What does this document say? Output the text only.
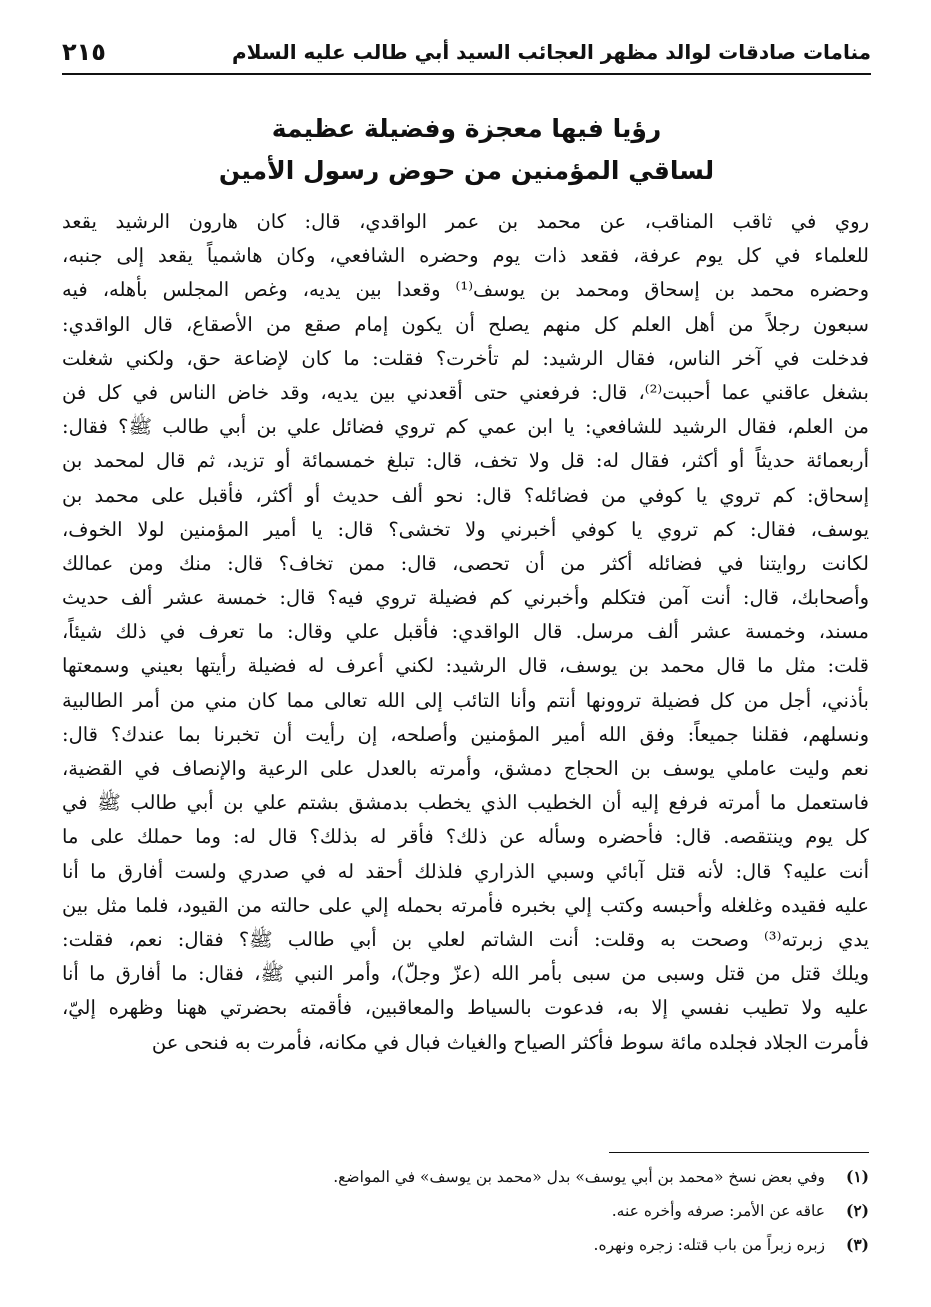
منامات صادقات لوالد مظهر العجائب السيد أبي طالب عليه السلام
٢١٥
رؤيا فيها معجزة وفضيلة عظيمة
لساقي المؤمنين من حوض رسول الأمين
روي في ثاقب المناقب، عن محمد بن عمر الواقدي، قال: كان هارون الرشيد يقعد
للعلماء في كل يوم عرفة، فقعد ذات يوم وحضره الشافعي، وكان هاشمياً يقعد إلى جنبه،
وحضره محمد بن إسحاق ومحمد بن يوسف⁽¹⁾ وقعدا بين يديه، وغص المجلس بأهله، فيه
سبعون رجلاً من أهل العلم كل منهم يصلح أن يكون إمام صقع من الأصقاع، قال الواقدي:
فدخلت في آخر الناس، فقال الرشيد: لم تأخرت؟ فقلت: ما كان لإضاعة حق، ولكني شغلت
بشغل عاقني عما أحببت⁽²⁾، قال: فرفعني حتى أقعدني بين يديه، وقد خاض الناس في كل فن
من العلم، فقال الرشيد للشافعي: يا ابن عمي كم تروي فضائل علي بن أبي طالب ﷺ؟ فقال:
أربعمائة حديثاً أو أكثر، فقال له: قل ولا تخف، قال: تبلغ خمسمائة أو تزيد، ثم قال لمحمد بن
إسحاق: كم تروي يا كوفي من فضائله؟ قال: نحو ألف حديث أو أكثر، فأقبل على محمد بن
يوسف، فقال: كم تروي يا كوفي أخبرني ولا تخشى؟ قال: يا أمير المؤمنين لولا الخوف،
لكانت روايتنا في فضائله أكثر من أن تحصى، قال: ممن تخاف؟ قال: منك ومن عمالك
وأصحابك، قال: أنت آمن فتكلم وأخبرني كم فضيلة تروي فيه؟ قال: خمسة عشر ألف حديث
مسند، وخمسة عشر ألف مرسل. قال الواقدي: فأقبل علي وقال: ما تعرف في ذلك شيئاً،
قلت: مثل ما قال محمد بن يوسف، قال الرشيد: لكني أعرف له فضيلة رأيتها بعيني وسمعتها
بأذني، أجل من كل فضيلة تروونها أنتم وأنا التائب إلى الله تعالى مما كان مني من أمر الطالبية
ونسلهم، فقلنا جميعاً: وفق الله أمير المؤمنين وأصلحه، إن رأيت أن تخبرنا بما عندك؟ قال:
نعم وليت عاملي يوسف بن الحجاج دمشق، وأمرته بالعدل على الرعية والإنصاف في القضية،
فاستعمل ما أمرته فرفع إليه أن الخطيب الذي يخطب بدمشق بشتم علي بن أبي طالب ﷺ في
كل يوم وينتقصه. قال: فأحضره وسأله عن ذلك؟ فأقر له بذلك؟ قال له: وما حملك على ما
أنت عليه؟ قال: لأنه قتل آبائي وسبي الذراري فلذلك أحقد له في صدري ولست أفارق ما أنا
عليه فقيده وغلغله وأحبسه وكتب إلي بخبره فأمرته بحمله إلي على حالته من القيود، فلما مثل بين
يدي زبرته⁽³⁾ وصحت به وقلت: أنت الشاتم لعلي بن أبي طالب ﷺ؟ فقال: نعم، فقلت:
ويلك قتل من قتل وسبى من سبى بأمر الله (عزّ وجلّ)، وأمر النبي ﷺ، فقال: ما أفارق ما أنا
عليه ولا تطيب نفسي إلا به، فدعوت بالسياط والمعاقبين، فأقمته بحضرتي ههنا وظهره إليّ،
فأمرت الجلاد فجلده مائة سوط فأكثر الصياح والغياث فبال في مكانه، فأمرت به فنحى عن
(١)
وفي بعض نسخ «محمد بن أبي يوسف» بدل «محمد بن يوسف» في المواضع.
(٢)
عاقه عن الأمر: صرفه وأخره عنه.
(٣)
زبره زبراً من باب قتله: زجره ونهره.
